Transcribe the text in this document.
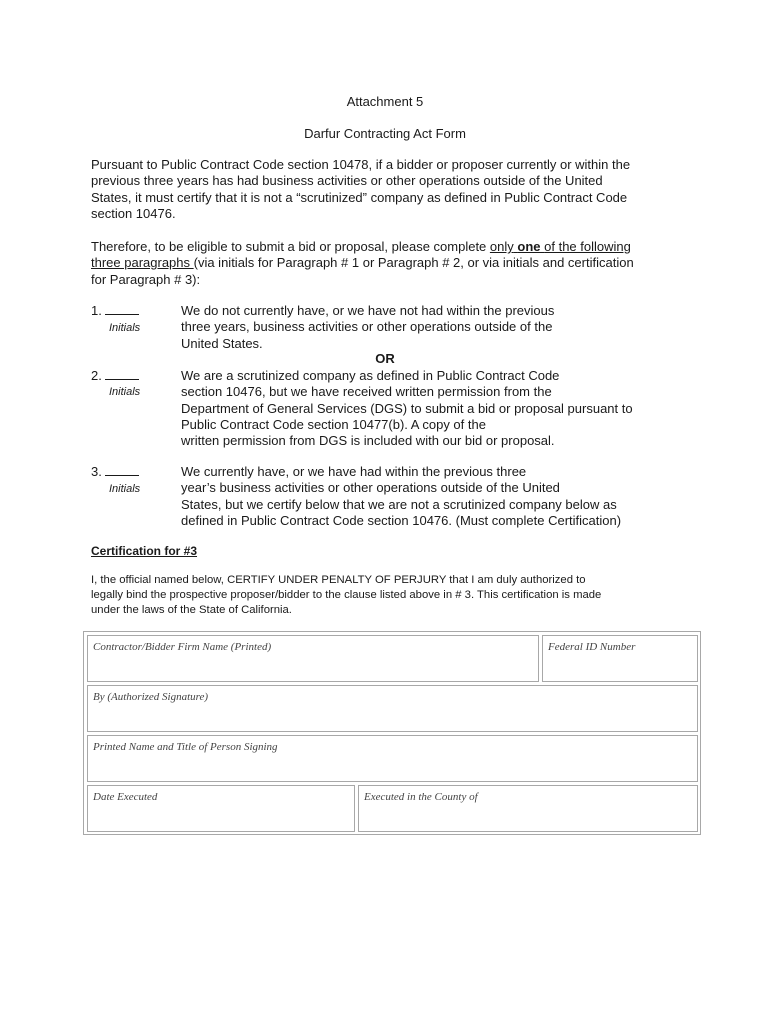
Attachment 5
Darfur Contracting Act Form
Pursuant to Public Contract Code section 10478, if a bidder or proposer currently or within the
previous three years has had business activities or other operations outside of the United
States, it must certify that it is not a “scrutinized” company as defined in Public Contract Code
section 10476.
Therefore, to be eligible to submit a bid or proposal, please complete only one of the following
three paragraphs (via initials for Paragraph # 1 or Paragraph # 2, or via initials and certification
for Paragraph # 3):
1.
Initials
We do not currently have, or we have not had within the previous
three years, business activities or other operations outside of the
United States.
OR
2.
Initials
We are a scrutinized company as defined in Public Contract Code
section 10476, but we have received written permission from the
Department of General Services (DGS) to submit a bid or proposal pursuant to
Public Contract Code section 10477(b). A copy of the
written permission from DGS is included with our bid or proposal.
3.
Initials
We currently have, or we have had within the previous three
year’s business activities or other operations outside of the United
States, but we certify below that we are not a scrutinized company below as
defined in Public Contract Code section 10476. (Must complete Certification)
Certification for #3
I, the official named below, CERTIFY UNDER PENALTY OF PERJURY that I am duly authorized to
legally bind the prospective proposer/bidder to the clause listed above in # 3. This certification is made
under the laws of the State of California.
Contractor/Bidder Firm Name (Printed)	Federal ID Number
By (Authorized Signature)
Printed Name and Title of Person Signing
Date Executed	Executed in the County of
